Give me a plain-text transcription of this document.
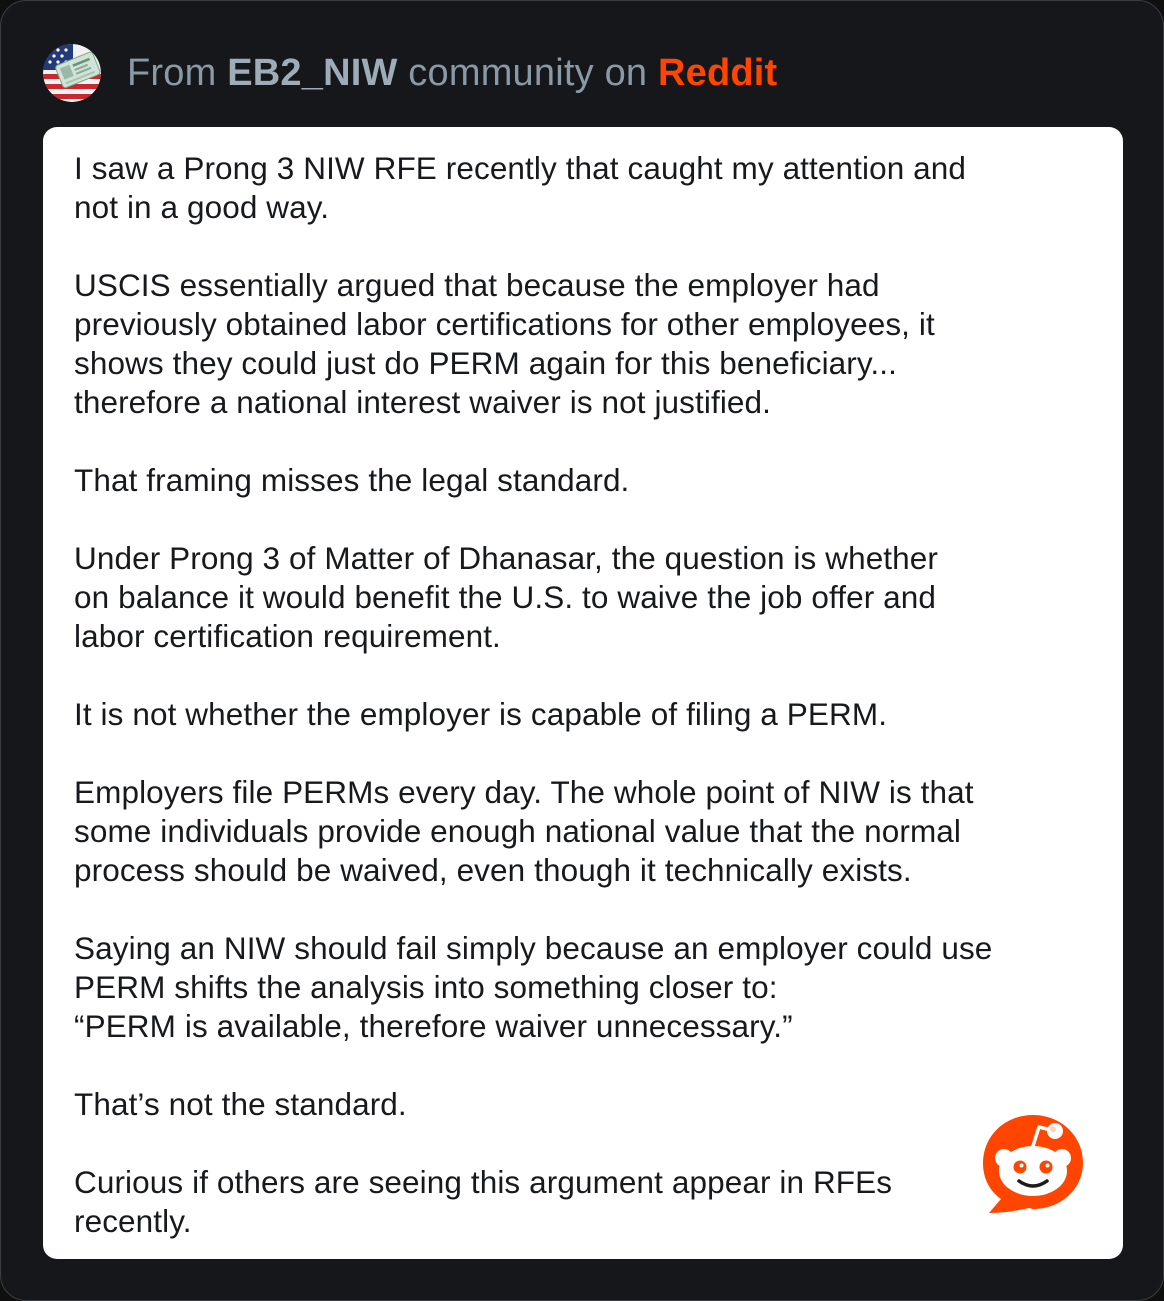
From EB2_NIW community on Reddit

I saw a Prong 3 NIW RFE recently that caught my attention and
not in a good way.

USCIS essentially argued that because the employer had
previously obtained labor certifications for other employees, it
shows they could just do PERM again for this beneficiary...
therefore a national interest waiver is not justified.

That framing misses the legal standard.

Under Prong 3 of Matter of Dhanasar, the question is whether
on balance it would benefit the U.S. to waive the job offer and
labor certification requirement.

It is not whether the employer is capable of filing a PERM.

Employers file PERMs every day. The whole point of NIW is that
some individuals provide enough national value that the normal
process should be waived, even though it technically exists.

Saying an NIW should fail simply because an employer could use
PERM shifts the analysis into something closer to:
“PERM is available, therefore waiver unnecessary.”

That’s not the standard.

Curious if others are seeing this argument appear in RFEs
recently.
